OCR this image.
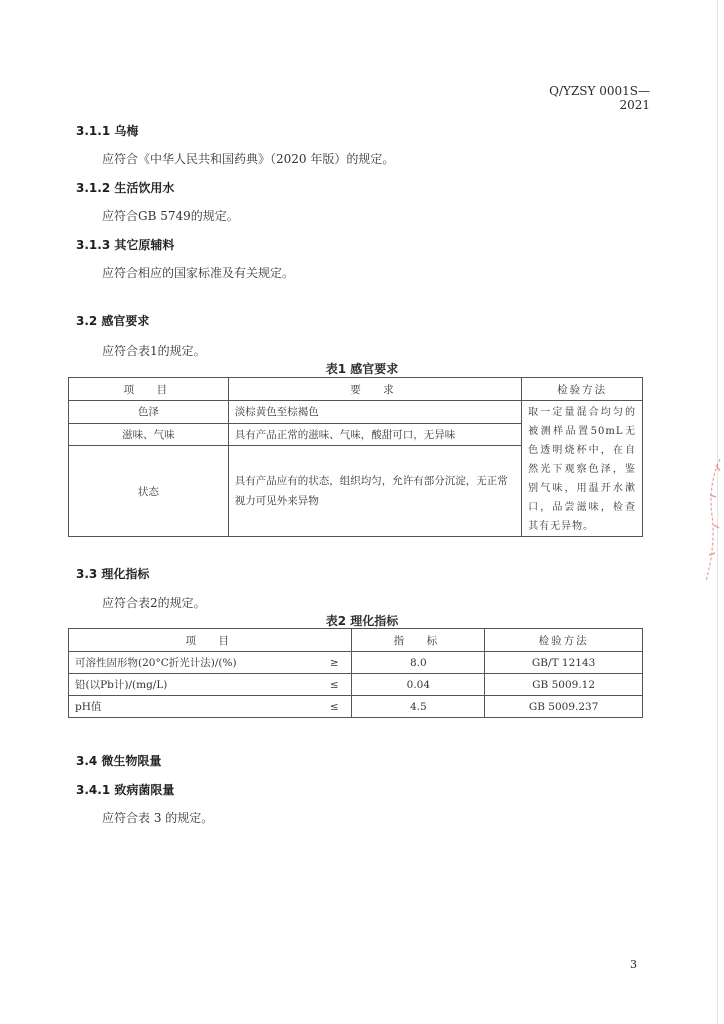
Q/YZSY 0001S—2021
3.1.1 乌梅
应符合《中华人民共和国药典》（2020 年版）的规定。
3.1.2 生活饮用水
应符合GB 5749的规定。
3.1.3 其它原辅料
应符合相应的国家标准及有关规定。
3.2 感官要求
应符合表1的规定。
表1 感官要求
项　目	要　求	检验方法
色泽	淡棕黄色至棕褐色	取一定量混合均匀的被测样品置50mL无色透明烧杯中，在自然光下观察色泽，鉴别气味，用温开水漱口，品尝滋味，检查其有无异物。
滋味、气味	具有产品正常的滋味、气味，酸甜可口，无异味	
状态	具有产品应有的状态，组织均匀，允许有部分沉淀，无正常视力可见外来异物	
3.3 理化指标
应符合表2的规定。
表2 理化指标
项　目		指　标	检验方法
可溶性固形物(20°C折光计法)/(%)	≥	8.0	GB/T 12143
铅(以Pb计)/(mg/L)	≤	0.04	GB 5009.12
pH值	≤	4.5	GB 5009.237
3.4 微生物限量
3.4.1 致病菌限量
应符合表 3 的规定。
3
